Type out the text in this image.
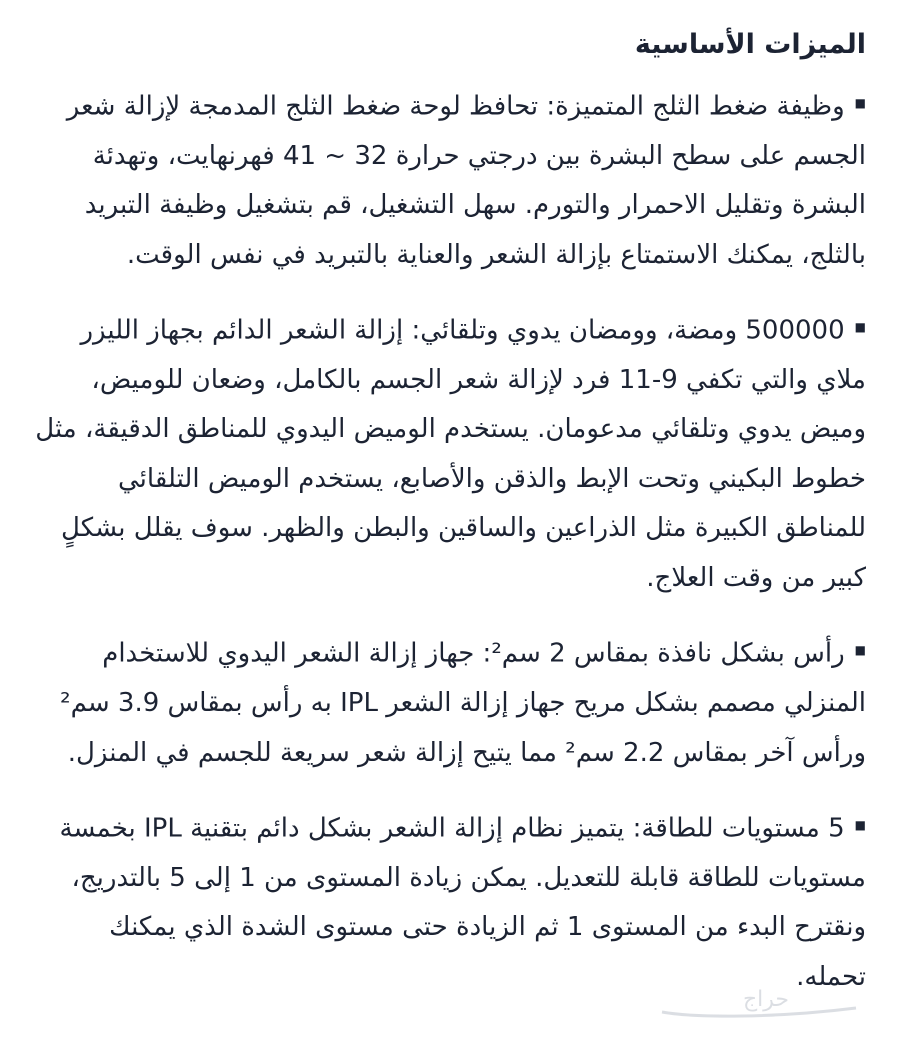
الميزات الأساسية
■وظيفة ضغط الثلج المتميزة: تحافظ لوحة ضغط الثلج المدمجة لإزالة شعر الجسم على سطح البشرة بين درجتي حرارة 32 ~ 41 فهرنهايت، وتهدئة البشرة وتقليل الاحمرار والتورم. سهل التشغيل، قم بتشغيل وظيفة التبريد بالثلج، يمكنك الاستمتاع بإزالة الشعر والعناية بالتبريد في نفس الوقت.
■500000 ومضة، وومضان يدوي وتلقائي: إزالة الشعر الدائم بجهاز الليزر ملاي والتي تكفي 9-11 فرد لإزالة شعر الجسم بالكامل، وضعان للوميض، وميض يدوي وتلقائي مدعومان. يستخدم الوميض اليدوي للمناطق الدقيقة، مثل خطوط البكيني وتحت الإبط والذقن والأصابع، يستخدم الوميض التلقائي للمناطق الكبيرة مثل الذراعين والساقين والبطن والظهر. سوف يقلل بشكلٍ كبير من وقت العلاج.
■رأس بشكل نافذة بمقاس 2 سم²: جهاز إزالة الشعر اليدوي للاستخدام المنزلي مصمم بشكل مريح جهاز إزالة الشعر IPL به رأس بمقاس 3.9 سم² ورأس آخر بمقاس 2.2 سم² مما يتيح إزالة شعر سريعة للجسم في المنزل.
■5 مستويات للطاقة: يتميز نظام إزالة الشعر بشكل دائم بتقنية IPL بخمسة مستويات للطاقة قابلة للتعديل. يمكن زيادة المستوى من 1 إلى 5 بالتدريج، ونقترح البدء من المستوى 1 ثم الزيادة حتى مستوى الشدة الذي يمكنك تحمله.
حراج
